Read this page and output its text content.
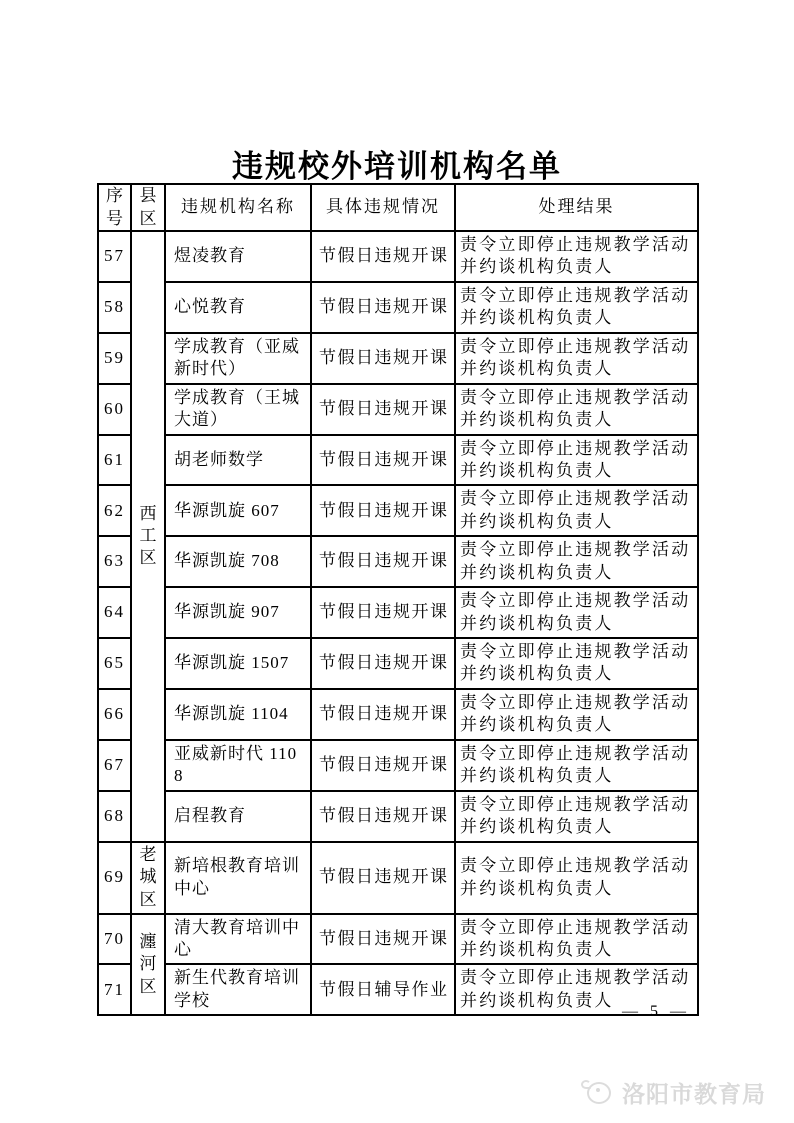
违规校外培训机构名单
序号	县区	违规机构名称	具体违规情况	处理结果
57	西工区	煜凌教育	节假日违规开课	责令立即停止违规教学活动并约谈机构负责人
58		心悦教育	节假日违规开课	责令立即停止违规教学活动并约谈机构负责人
59		学成教育（亚威新时代）	节假日违规开课	责令立即停止违规教学活动并约谈机构负责人
60		学成教育（王城大道）	节假日违规开课	责令立即停止违规教学活动并约谈机构负责人
61		胡老师数学	节假日违规开课	责令立即停止违规教学活动并约谈机构负责人
62		华源凯旋 607	节假日违规开课	责令立即停止违规教学活动并约谈机构负责人
63		华源凯旋 708	节假日违规开课	责令立即停止违规教学活动并约谈机构负责人
64		华源凯旋 907	节假日违规开课	责令立即停止违规教学活动并约谈机构负责人
65		华源凯旋 1507	节假日违规开课	责令立即停止违规教学活动并约谈机构负责人
66		华源凯旋 1104	节假日违规开课	责令立即停止违规教学活动并约谈机构负责人
67		亚威新时代 1108	节假日违规开课	责令立即停止违规教学活动并约谈机构负责人
68		启程教育	节假日违规开课	责令立即停止违规教学活动并约谈机构负责人
69	老城区	新培根教育培训中心	节假日违规开课	责令立即停止违规教学活动并约谈机构负责人
70	瀍河区	清大教育培训中心	节假日违规开课	责令立即停止违规教学活动并约谈机构负责人
71		新生代教育培训学校	节假日辅导作业	责令立即停止违规教学活动并约谈机构负责人
— 5 —
洛阳市教育局
